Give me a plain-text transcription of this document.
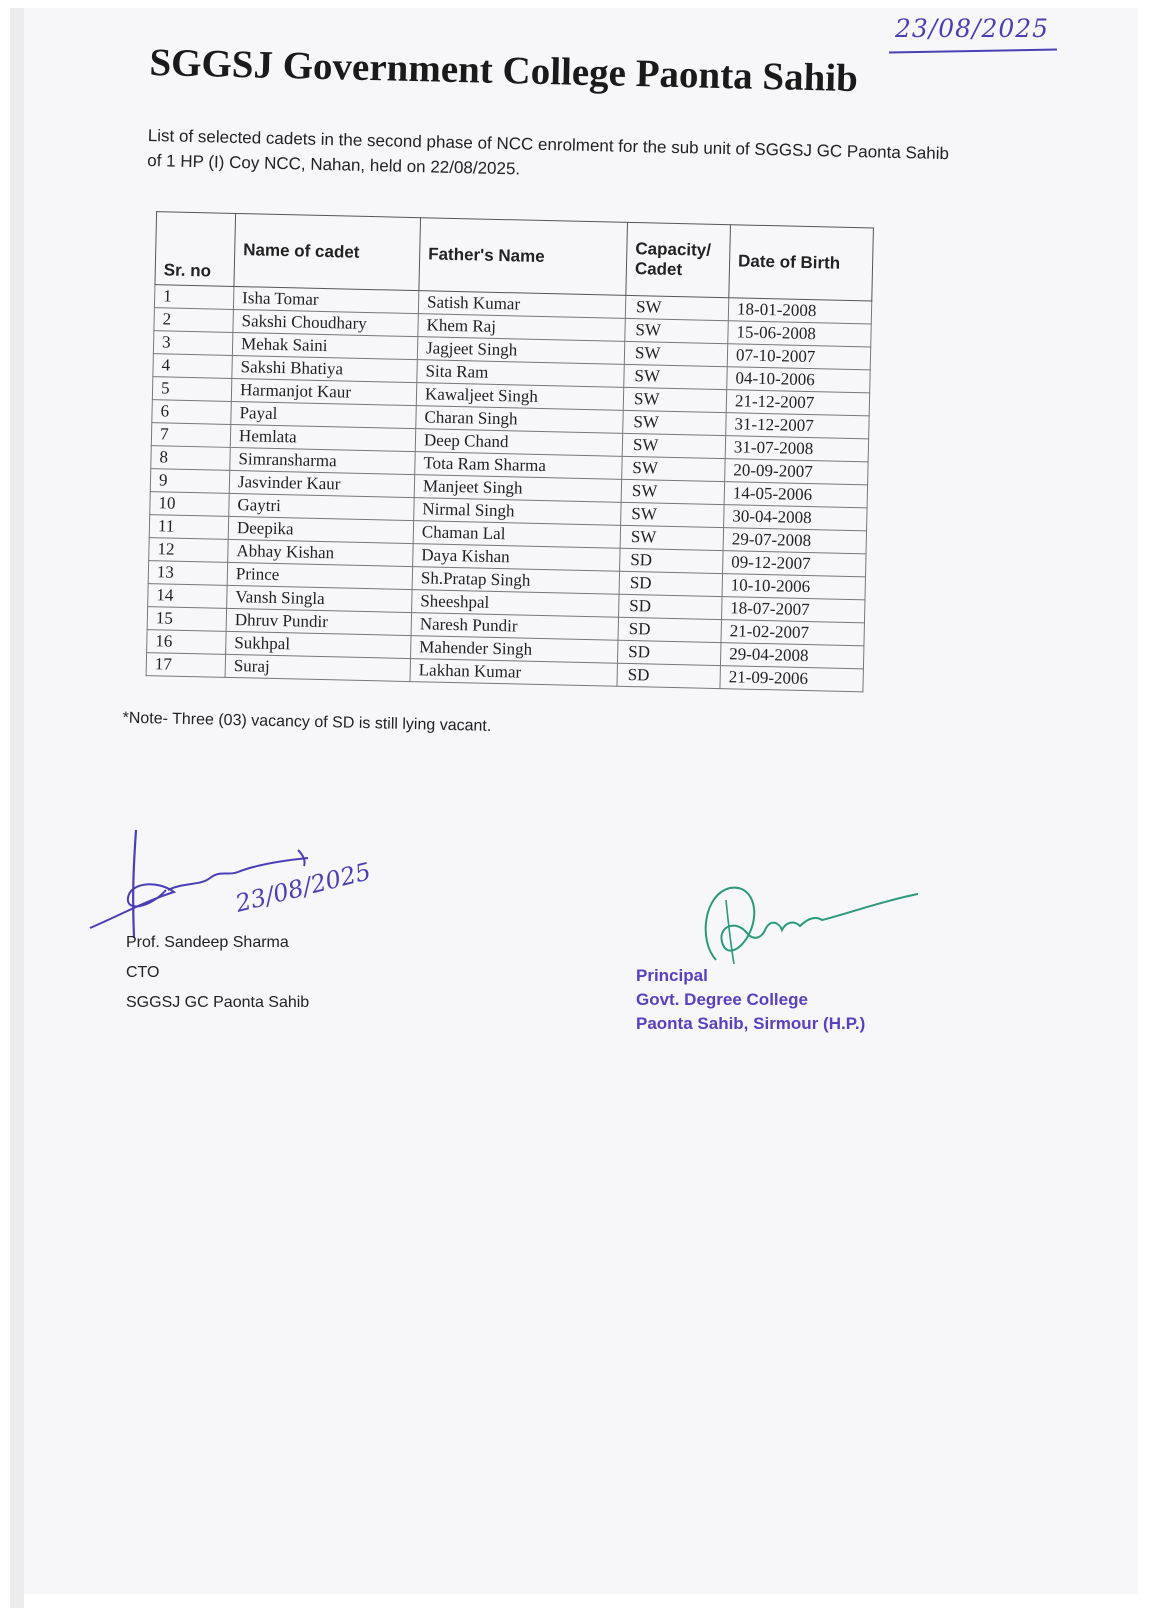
23/08/2025
SGGSJ Government College Paonta Sahib
List of selected cadets in the second phase of NCC enrolment for the sub unit of SGGSJ GC Paonta Sahib of 1 HP (I) Coy NCC, Nahan, held on 22/08/2025.
Sr. no	Name of cadet	Father's Name	Capacity/ Cadet	Date of Birth
1	Isha Tomar	Satish Kumar	SW	18-01-2008
2	Sakshi Choudhary	Khem Raj	SW	15-06-2008
3	Mehak Saini	Jagjeet Singh	SW	07-10-2007
4	Sakshi Bhatiya	Sita Ram	SW	04-10-2006
5	Harmanjot Kaur	Kawaljeet Singh	SW	21-12-2007
6	Payal	Charan Singh	SW	31-12-2007
7	Hemlata	Deep Chand	SW	31-07-2008
8	Simransharma	Tota Ram Sharma	SW	20-09-2007
9	Jasvinder Kaur	Manjeet Singh	SW	14-05-2006
10	Gaytri	Nirmal Singh	SW	30-04-2008
11	Deepika	Chaman Lal	SW	29-07-2008
12	Abhay Kishan	Daya Kishan	SD	09-12-2007
13	Prince	Sh.Pratap Singh	SD	10-10-2006
14	Vansh Singla	Sheeshpal	SD	18-07-2007
15	Dhruv Pundir	Naresh Pundir	SD	21-02-2007
16	Sukhpal	Mahender Singh	SD	29-04-2008
17	Suraj	Lakhan Kumar	SD	21-09-2006
*Note- Three (03) vacancy of SD is still lying vacant.
23/08/2025
Prof. Sandeep Sharma
CTO
SGGSJ GC Paonta Sahib
Principal
Govt. Degree College
Paonta Sahib, Sirmour (H.P.)
